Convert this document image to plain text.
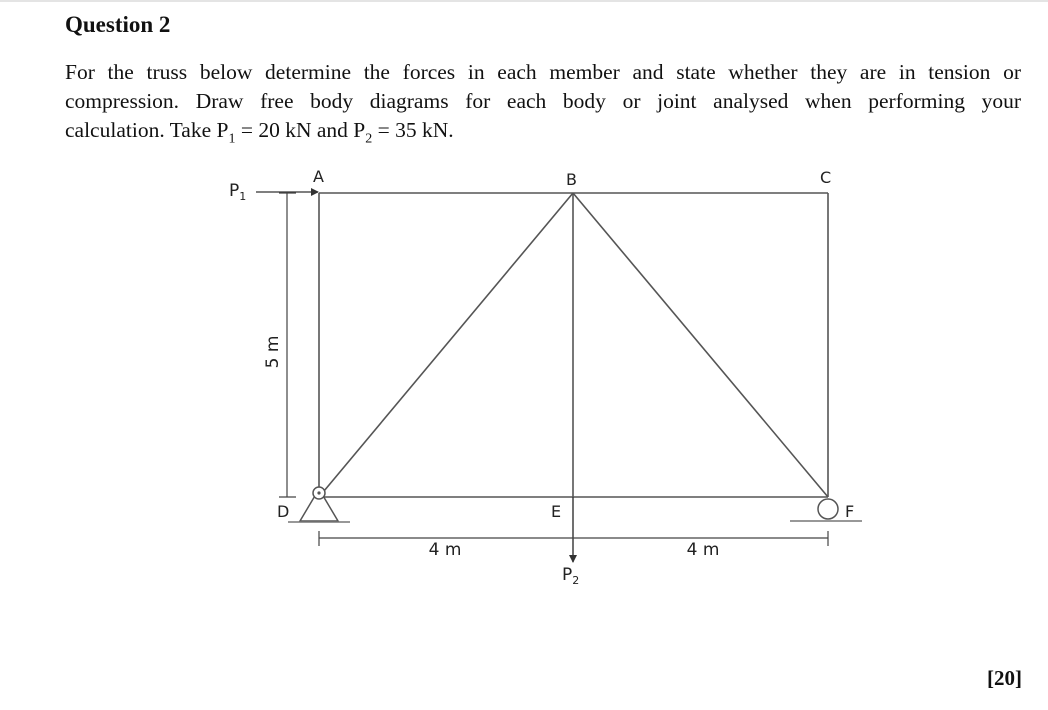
Question 2

For the truss below determine the forces in each member and state whether they are in tension or
compression. Draw free body diagrams for each body or joint analysed when performing your
calculation. Take $P_1 = 20$ kN and $P_2 = 35$ kN.

A	B	C
D	E	F
$P_1$
$P_2$
5 m
4 m	4 m
[20]
